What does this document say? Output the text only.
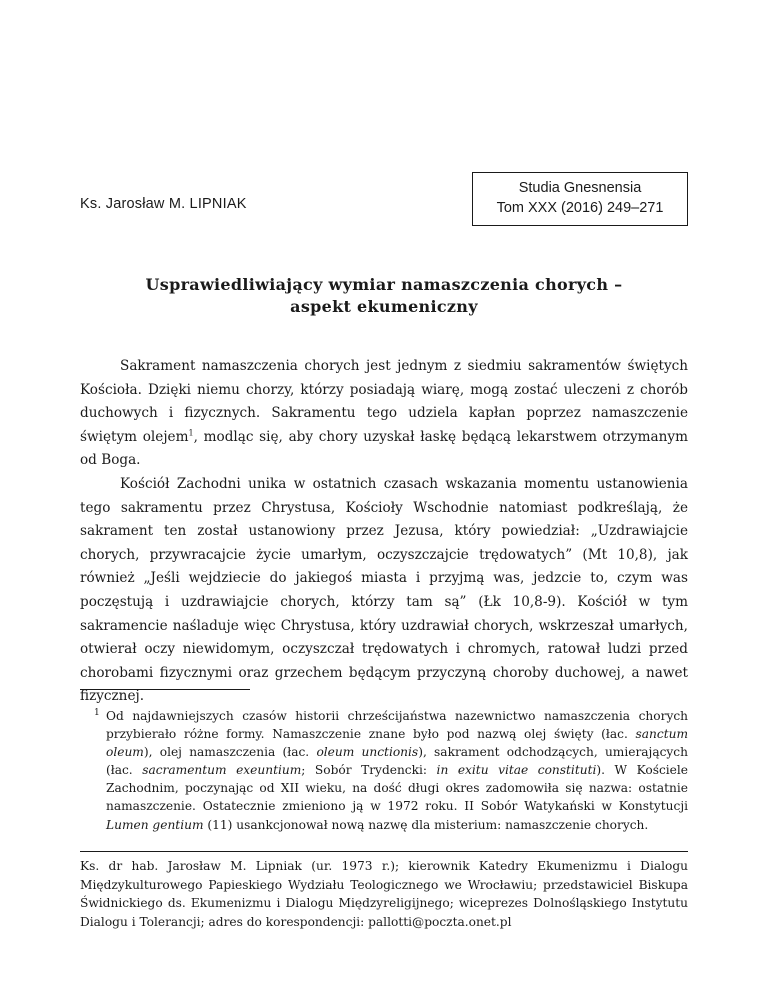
Ks. Jarosław M. LIPNIAK
Studia Gnesnensia
Tom XXX (2016) 249–271
Usprawiedliwiający wymiar namaszczenia chorych –
aspekt ekumeniczny

Sakrament namaszczenia chorych jest jednym z siedmiu sakramentów świętych Kościoła. Dzięki niemu chorzy, którzy posiadają wiarę, mogą zostać uleczeni z chorób duchowych i fizycznych. Sakramentu tego udziela kapłan poprzez namaszczenie świętym olejem$^1$, modląc się, aby chory uzyskał łaskę będącą lekarstwem otrzymanym od Boga.

Kościół Zachodni unika w ostatnich czasach wskazania momentu ustanowienia tego sakramentu przez Chrystusa, Kościoły Wschodnie natomiast podkreślają, że sakrament ten został ustanowiony przez Jezusa, który powiedział: „Uzdrawiajcie chorych, przywracajcie życie umarłym, oczyszczajcie trędowatych” (Mt 10,8), jak również „Jeśli wejdziecie do jakiegoś miasta i przyjmą was, jedzcie to, czym was poczęstują i uzdrawiajcie chorych, którzy tam są” (Łk 10,8-9). Kościół w tym sakramencie naśladuje więc Chrystusa, który uzdrawiał chorych, wskrzeszał umarłych, otwierał oczy niewidomym, oczyszczał trędowatych i chromych, ratował ludzi przed chorobami fizycznymi oraz grzechem będącym przyczyną choroby duchowej, a nawet fizycznej.

1 Od najdawniejszych czasów historii chrześcijaństwa nazewnictwo namaszczenia chorych przybierało różne formy. Namaszczenie znane było pod nazwą olej święty (łac. sanctum oleum), olej namaszczenia (łac. oleum unctionis), sakrament odchodzących, umierających (łac. sacramentum exeuntium; Sobór Trydencki: in exitu vitae constituti). W Kościele Zachodnim, poczynając od XII wieku, na dość długi okres zadomowiła się nazwa: ostatnie namaszczenie. Ostatecznie zmieniono ją w 1972 roku. II Sobór Watykański w Konstytucji Lumen gentium (11) usankcjonował nową nazwę dla misterium: namaszczenie chorych.
Ks. dr hab. Jarosław M. Lipniak (ur. 1973 r.); kierownik Katedry Ekumenizmu i Dialogu Międzykulturowego Papieskiego Wydziału Teologicznego we Wrocławiu; przedstawiciel Biskupa Świdnickiego ds. Ekumenizmu i Dialogu Międzyreligijnego; wiceprezes Dolnośląskiego Instytutu Dialogu i Tolerancji; adres do korespondencji: pallotti@poczta.onet.pl
